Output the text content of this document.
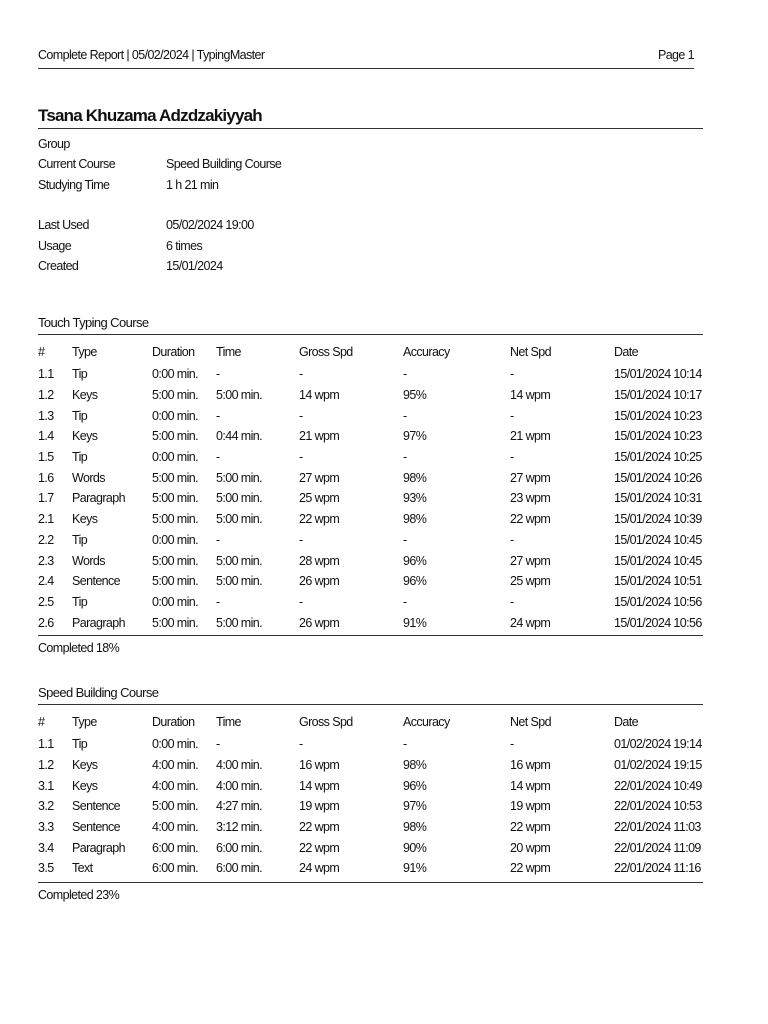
Complete Report | 05/02/2024 | TypingMaster	Page 1
Tsana Khuzama Adzdzakiyyah
Group
Current Course	Speed Building Course
Studying Time	1 h 21 min
Last Used	05/02/2024 19:00
Usage	6 times
Created	15/01/2024
Touch Typing Course
#	Type	Duration	Time	Gross Spd	Accuracy	Net Spd	Date
1.1	Tip	0:00 min.	-	-	-	-	15/01/2024 10:14
1.2	Keys	5:00 min.	5:00 min.	14 wpm	95%	14 wpm	15/01/2024 10:17
1.3	Tip	0:00 min.	-	-	-	-	15/01/2024 10:23
1.4	Keys	5:00 min.	0:44 min.	21 wpm	97%	21 wpm	15/01/2024 10:23
1.5	Tip	0:00 min.	-	-	-	-	15/01/2024 10:25
1.6	Words	5:00 min.	5:00 min.	27 wpm	98%	27 wpm	15/01/2024 10:26
1.7	Paragraph	5:00 min.	5:00 min.	25 wpm	93%	23 wpm	15/01/2024 10:31
2.1	Keys	5:00 min.	5:00 min.	22 wpm	98%	22 wpm	15/01/2024 10:39
2.2	Tip	0:00 min.	-	-	-	-	15/01/2024 10:45
2.3	Words	5:00 min.	5:00 min.	28 wpm	96%	27 wpm	15/01/2024 10:45
2.4	Sentence	5:00 min.	5:00 min.	26 wpm	96%	25 wpm	15/01/2024 10:51
2.5	Tip	0:00 min.	-	-	-	-	15/01/2024 10:56
2.6	Paragraph	5:00 min.	5:00 min.	26 wpm	91%	24 wpm	15/01/2024 10:56
Completed 18%
Speed Building Course
#	Type	Duration	Time	Gross Spd	Accuracy	Net Spd	Date
1.1	Tip	0:00 min.	-	-	-	-	01/02/2024 19:14
1.2	Keys	4:00 min.	4:00 min.	16 wpm	98%	16 wpm	01/02/2024 19:15
3.1	Keys	4:00 min.	4:00 min.	14 wpm	96%	14 wpm	22/01/2024 10:49
3.2	Sentence	5:00 min.	4:27 min.	19 wpm	97%	19 wpm	22/01/2024 10:53
3.3	Sentence	4:00 min.	3:12 min.	22 wpm	98%	22 wpm	22/01/2024 11:03
3.4	Paragraph	6:00 min.	6:00 min.	22 wpm	90%	20 wpm	22/01/2024 11:09
3.5	Text	6:00 min.	6:00 min.	24 wpm	91%	22 wpm	22/01/2024 11:16
Completed 23%
